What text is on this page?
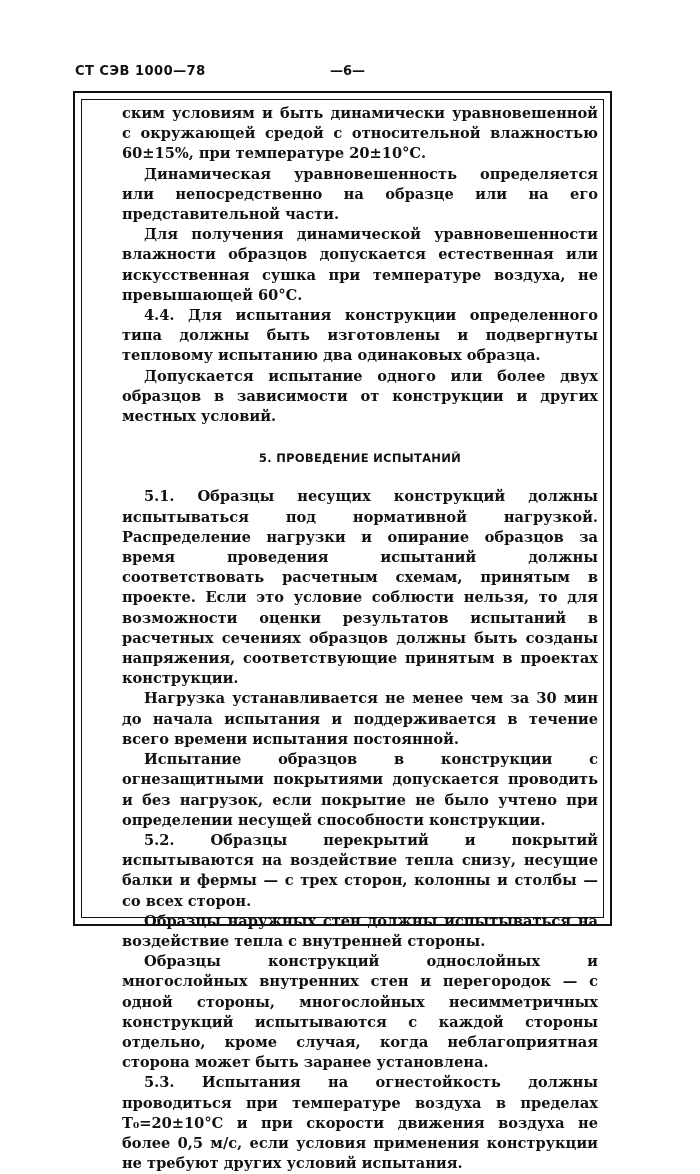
СТ СЭВ 1000—78	—6—

ским условиям и быть динамически уравновешенной с окружающей средой с относительной влажностью 60±15%, при температуре 20±10°С.

Динамическая уравновешенность определяется или непосредственно на образце или на его представительной части.

Для получения динамической уравновешенности влажности образцов допускается естественная или искусственная сушка при температуре воздуха, не превышающей 60°С.

4.4. Для испытания конструкции определенного типа должны быть изготовлены и подвергнуты тепловому испытанию два одинаковых образца.

Допускается испытание одного или более двух образцов в зависимости от конструкции и других местных условий.

5. ПРОВЕДЕНИЕ ИСПЫТАНИЙ

5.1. Образцы несущих конструкций должны испытываться под нормативной нагрузкой. Распределение нагрузки и опирание образцов за время проведения испытаний должны соответствовать расчетным схемам, принятым в проекте. Если это условие соблюсти нельзя, то для возможности оценки результатов испытаний в расчетных сечениях образцов должны быть созданы напряжения, соответствующие принятым в проектах конструкции.

Нагрузка устанавливается не менее чем за 30 мин до начала испытания и поддерживается в течение всего времени испытания постоянной.

Испытание образцов в конструкции с огнезащитными покрытиями допускается проводить и без нагрузок, если покрытие не было учтено при определении несущей способности конструкции.

5.2. Образцы перекрытий и покрытий испытываются на воздействие тепла снизу, несущие балки и фермы — с трех сторон, колонны и столбы — со всех сторон.

Образцы наружных стен должны испытываться на воздействие тепла с внутренней стороны.

Образцы конструкций однослойных и многослойных внутренних стен и перегородок — с одной стороны, многослойных несимметричных конструкций испытываются с каждой стороны отдельно, кроме случая, когда неблагоприятная сторона может быть заранее установлена.

5.3. Испытания на огнестойкость должны проводиться при температуре воздуха в пределах T₀=20±10°С и при скорости движения воздуха не более 0,5 м/с, если условия применения конструкции не требуют других условий испытания.
